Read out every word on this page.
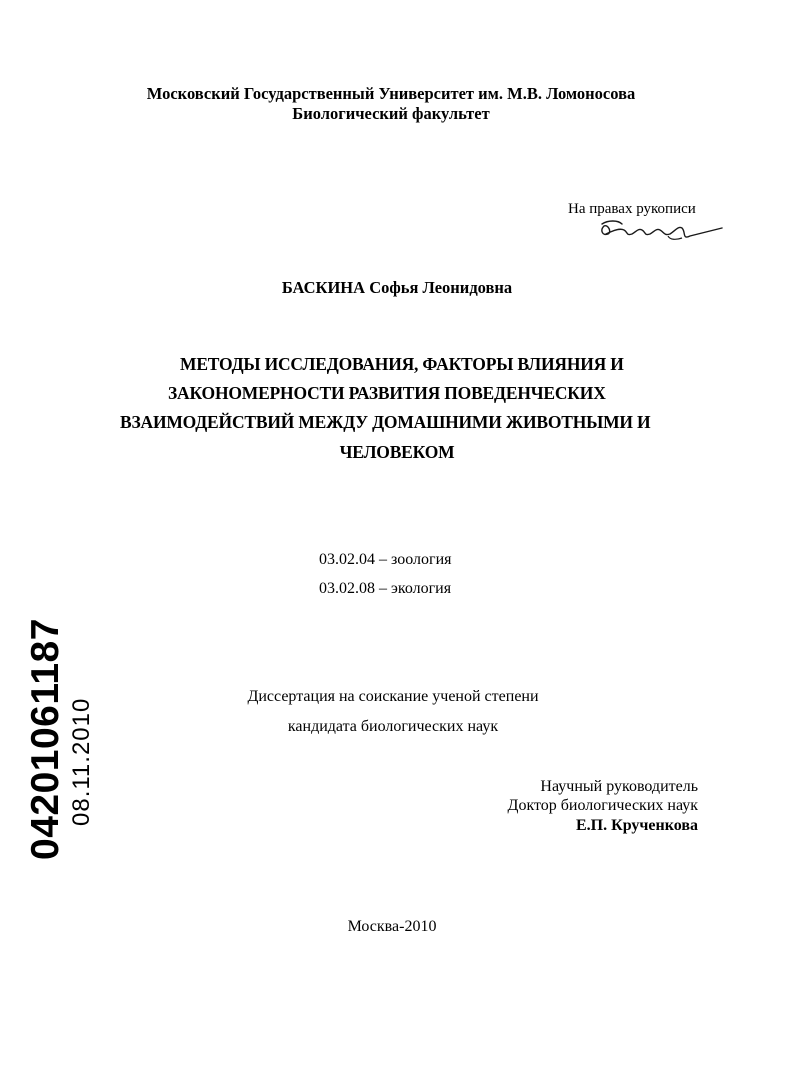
Московский Государственный Университет им. М.В. Ломоносова
Биологический факультет
На правах рукописи
БАСКИНА Софья Леонидовна
МЕТОДЫ ИССЛЕДОВАНИЯ, ФАКТОРЫ ВЛИЯНИЯ И
ЗАКОНОМЕРНОСТИ РАЗВИТИЯ ПОВЕДЕНЧЕСКИХ
ВЗАИМОДЕЙСТВИЙ МЕЖДУ ДОМАШНИМИ ЖИВОТНЫМИ И
ЧЕЛОВЕКОМ
03.02.04 – зоология
03.02.08 – экология
Диссертация на соискание ученой степени
кандидата биологических наук
Научный руководитель
Доктор биологических наук
Е.П. Крученкова
Москва-2010
04201061187 08.11.2010
